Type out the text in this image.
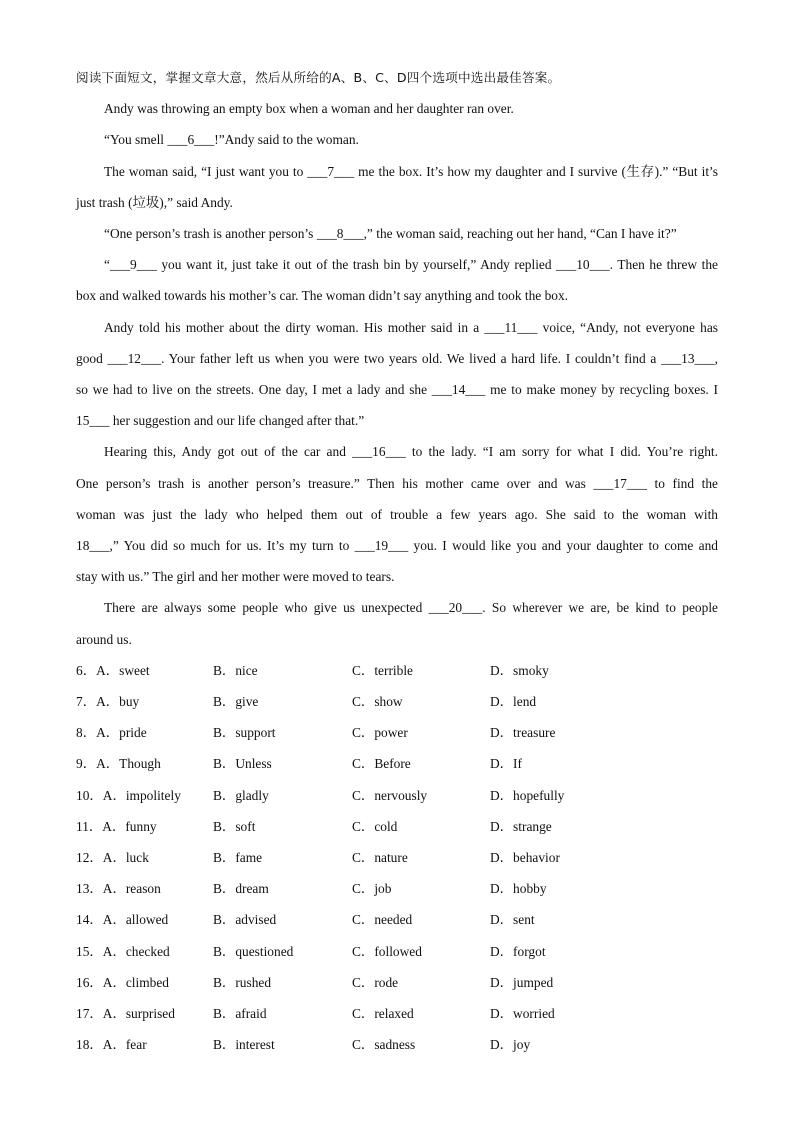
阅读下面短文，掌握文章大意，然后从所给的A、B、C、D四个选项中选出最佳答案。
Andy was throwing an empty box when a woman and her daughter ran over.
“You smell ___6___!”Andy said to the woman.
The woman said, “I just want you to ___7___ me the box. It’s how my daughter and I survive (生存).” “But it’s
just trash (垃圾),” said Andy.
“One person’s trash is another person’s ___8___,” the woman said, reaching out her hand, “Can I have it?”
“___9___ you want it, just take it out of the trash bin by yourself,” Andy replied ___10___. Then he threw the
box and walked towards his mother’s car. The woman didn’t say anything and took the box.
Andy told his mother about the dirty woman. His mother said in a ___11___ voice, “Andy, not everyone has
good ___12___. Your father left us when you were two years old. We lived a hard life. I couldn’t find a ___13___,
so we had to live on the streets. One day, I met a lady and she ___14___ me to make money by recycling boxes. I
15___ her suggestion and our life changed after that.”
Hearing this, Andy got out of the car and ___16___ to the lady. “I am sorry for what I did. You’re right.
One person’s trash is another person’s treasure.” Then his mother came over and was ___17___ to find the
woman was just the lady who helped them out of trouble a few years ago. She said to the woman with
18___,” You did so much for us. It’s my turn to ___19___ you. I would like you and your daughter to come and
stay with us.” The girl and her mother were moved to tears.
There are always some people who give us unexpected ___20___. So wherever we are, be kind to people
around us.
6．A．sweet	B．nice	C．terrible	D．smoky
7．A．buy	B．give	C．show	D．lend
8．A．pride	B．support	C．power	D．treasure
9．A．Though	B．Unless	C．Before	D．If
10．A．impolitely B．gladly	C．nervously	D．hopefully
11．A．funny	B．soft	C．cold	D．strange
12．A．luck	B．fame	C．nature	D．behavior
13．A．reason	B．dream	C．job	D．hobby
14．A．allowed	B．advised	C．needed	D．sent
15．A．checked	B．questioned	C．followed	D．forgot
16．A．climbed	B．rushed	C．rode	D．jumped
17．A．surprised	B．afraid	C．relaxed	D．worried
18．A．fear	B．interest	C．sadness	D．joy
